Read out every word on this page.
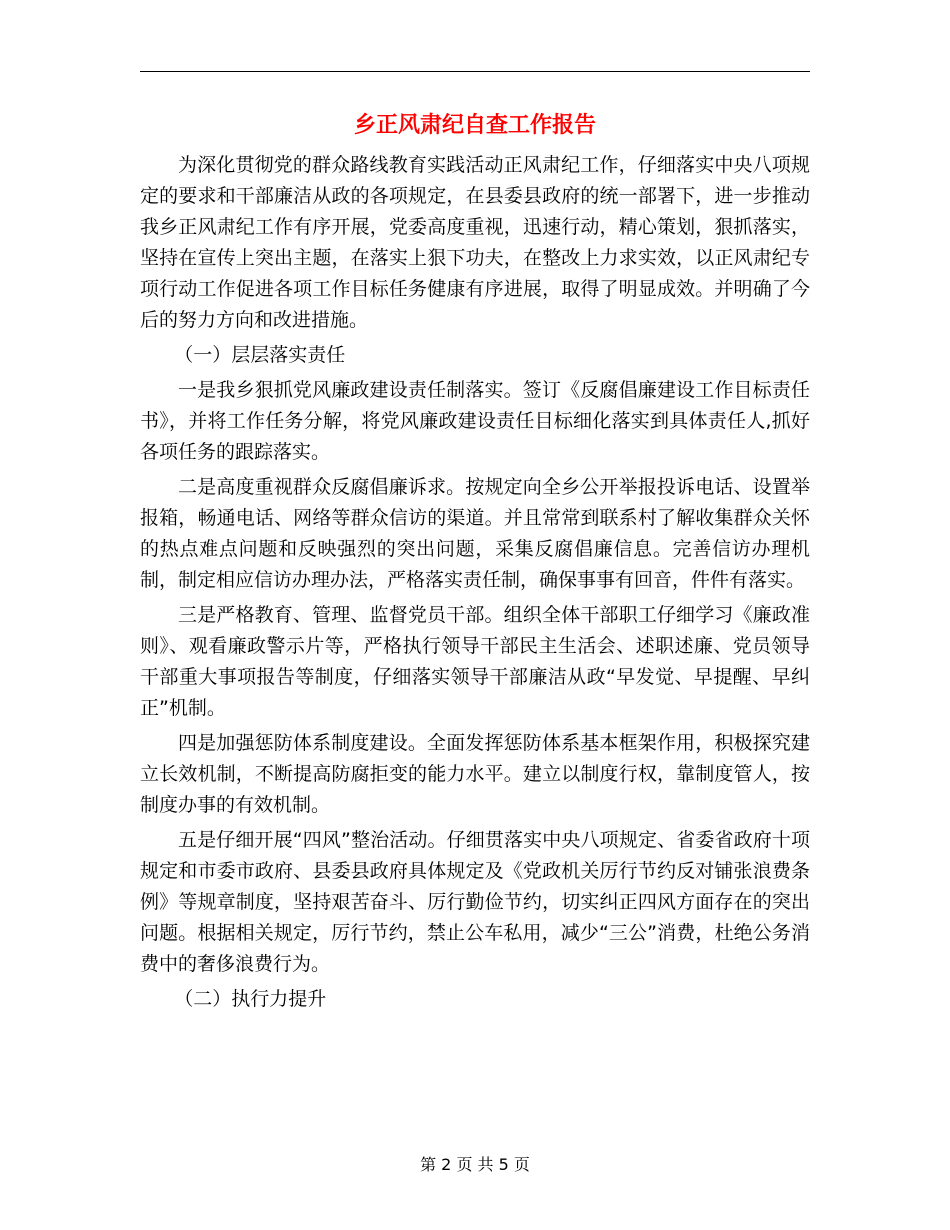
乡正风肃纪自查工作报告

为深化贯彻党的群众路线教育实践活动正风肃纪工作，仔细落实中央八项规定的要求和干部廉洁从政的各项规定，在县委县政府的统一部署下，进一步推动我乡正风肃纪工作有序开展，党委高度重视，迅速行动，精心策划，狠抓落实，坚持在宣传上突出主题，在落实上狠下功夫，在整改上力求实效，以正风肃纪专项行动工作促进各项工作目标任务健康有序进展，取得了明显成效。并明确了今后的努力方向和改进措施。

（一）层层落实责任

一是我乡狠抓党风廉政建设责任制落实。签订《反腐倡廉建设工作目标责任书》，并将工作任务分解，将党风廉政建设责任目标细化落实到具体责任人,抓好各项任务的跟踪落实。

二是高度重视群众反腐倡廉诉求。按规定向全乡公开举报投诉电话、设置举报箱，畅通电话、网络等群众信访的渠道。并且常常到联系村了解收集群众关怀的热点难点问题和反映强烈的突出问题，采集反腐倡廉信息。完善信访办理机制，制定相应信访办理办法，严格落实责任制，确保事事有回音，件件有落实。

三是严格教育、管理、监督党员干部。组织全体干部职工仔细学习《廉政准则》、观看廉政警示片等，严格执行领导干部民主生活会、述职述廉、党员领导干部重大事项报告等制度，仔细落实领导干部廉洁从政“早发觉、早提醒、早纠正”机制。

四是加强惩防体系制度建设。全面发挥惩防体系基本框架作用，积极探究建立长效机制，不断提高防腐拒变的能力水平。建立以制度行权，靠制度管人，按制度办事的有效机制。

五是仔细开展“四风”整治活动。仔细贯落实中央八项规定、省委省政府十项规定和市委市政府、县委县政府具体规定及《党政机关厉行节约反对铺张浪费条例》等规章制度，坚持艰苦奋斗、厉行勤俭节约，切实纠正四风方面存在的突出问题。根据相关规定，厉行节约，禁止公车私用，减少“三公”消费，杜绝公务消费中的奢侈浪费行为。

（二）执行力提升

第 2 页 共 5 页
